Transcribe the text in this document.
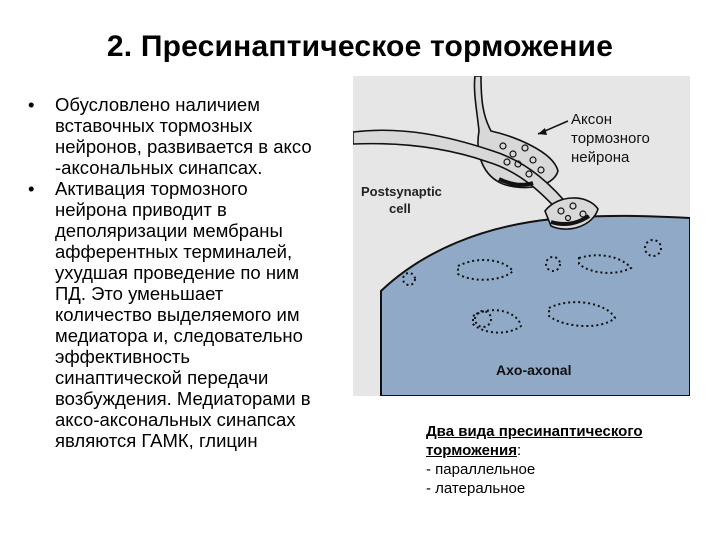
2. Пресинаптическое торможение
• Обусловлено наличием
вставочных тормозных
нейронов, развивается в аксо
-аксональных синапсах.
• Активация тормозного
нейрона приводит в
деполяризации мембраны
афферентных терминалей,
ухудшая проведение по ним
ПД. Это уменьшает
количество выделяемого им
медиатора и, следовательно
эффективность
синаптической передачи
возбуждения. Медиаторами в
аксо-аксональных синапсах
являются ГАМК, глицин
Postsynaptic
cell
Аксон
тормозного
нейрона
Axo-axonal
Два вида пресинаптического
торможения :
- параллельное
- латеральное
